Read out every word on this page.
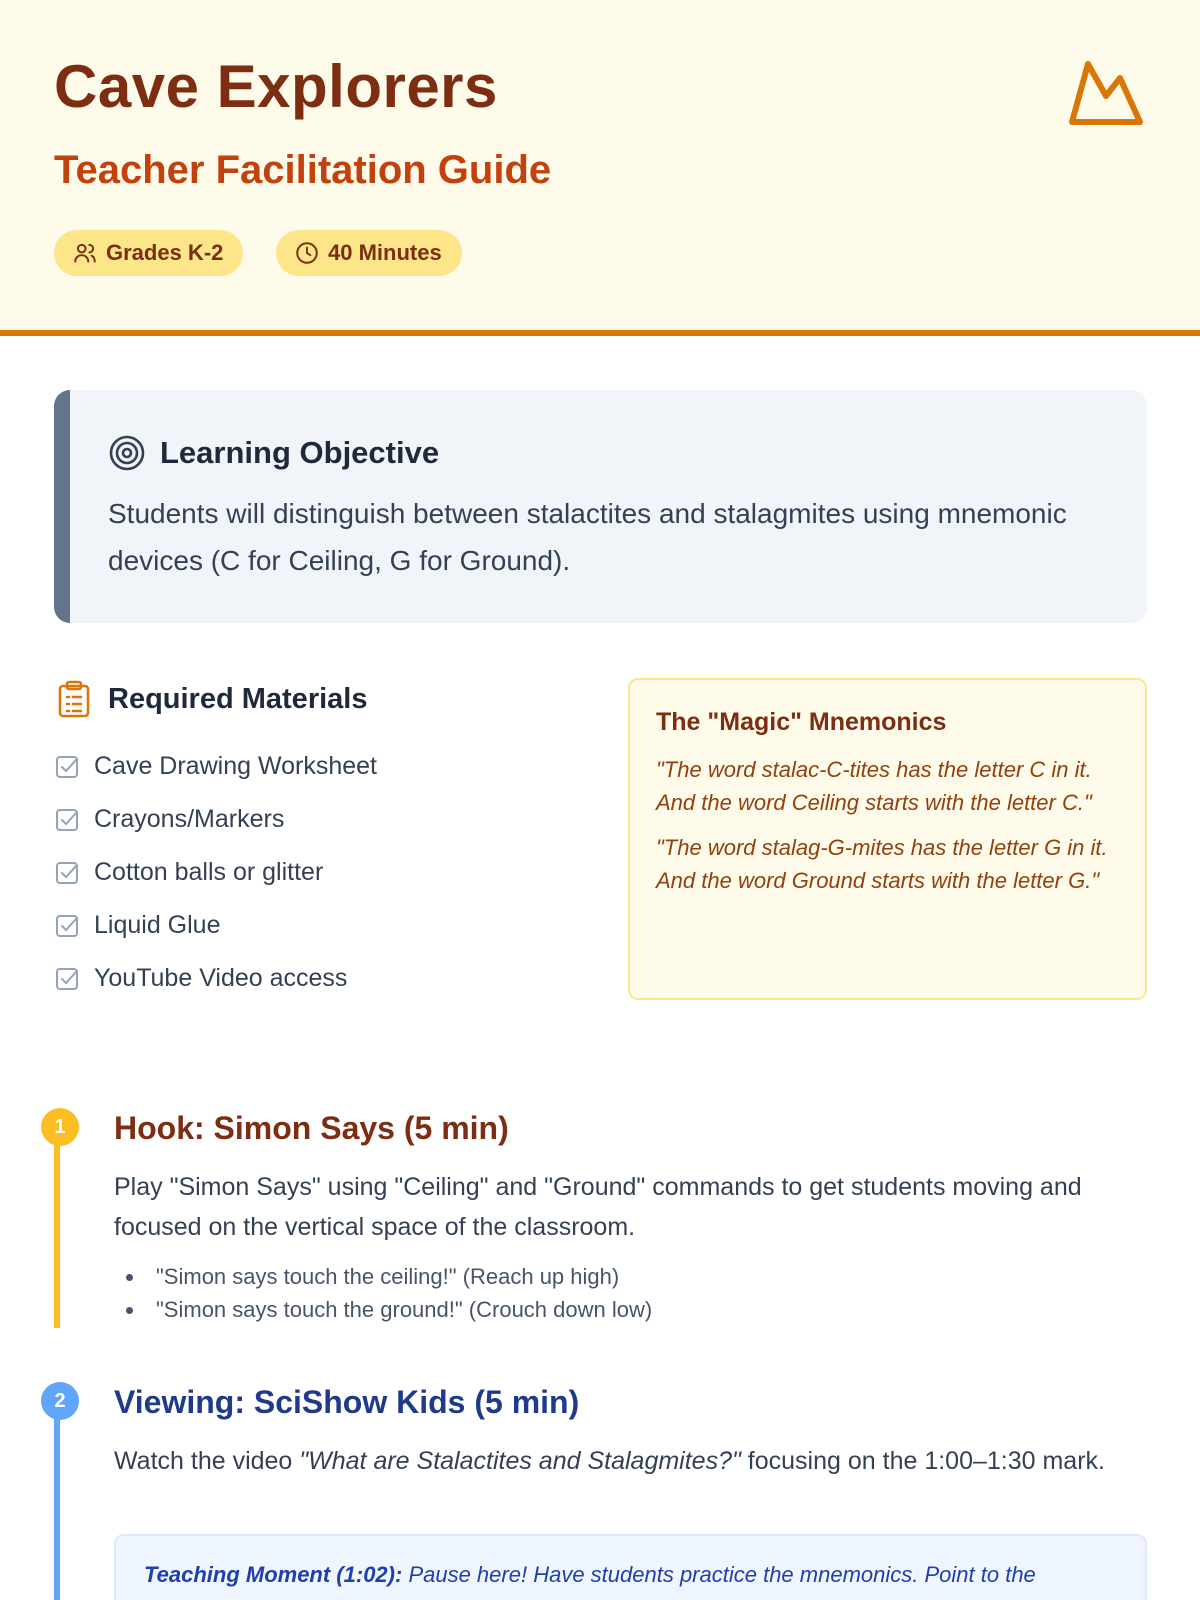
Cave Explorers
Teacher Facilitation Guide
Grades K-2	40 Minutes
Learning Objective

Students will distinguish between stalactites and stalagmites using mnemonic devices (C for Ceiling, G for Ground).

Required Materials
Cave Drawing Worksheet
Crayons/Markers
Cotton balls or glitter
Liquid Glue
YouTube Video access
The "Magic" Mnemonics

"The word stalac-C-tites has the letter C in it. And the word Ceiling starts with the letter C."

"The word stalag-G-mites has the letter G in it. And the word Ground starts with the letter G."

1	Hook: Simon Says (5 min)

Play "Simon Says" using "Ceiling" and "Ground" commands to get students moving and focused on the vertical space of the classroom.

• "Simon says touch the ceiling!" (Reach up high)
• "Simon says touch the ground!" (Crouch down low)
2	Viewing: SciShow Kids (5 min)

Watch the video "What are Stalactites and Stalagmites?" focusing on the 1:00–1:30 mark.

Teaching Moment (1:02): Pause here! Have students practice the mnemonics. Point to the
